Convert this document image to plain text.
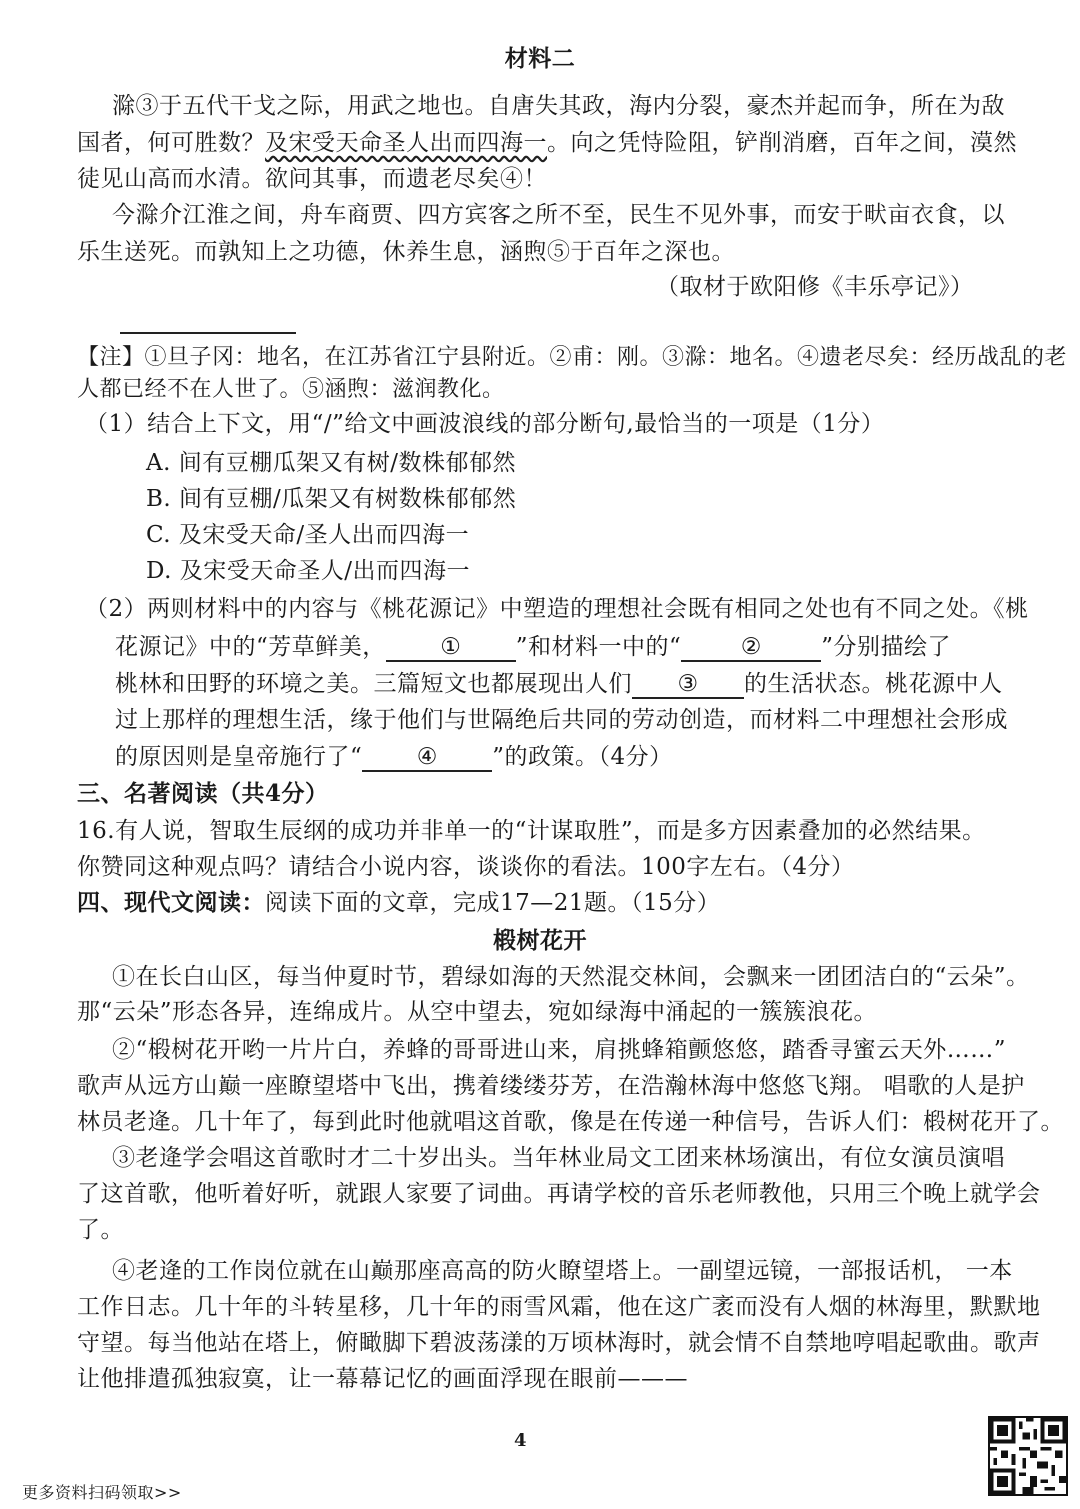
材料二
滁③于五代干戈之际，用武之地也。自唐失其政，海内分裂，豪杰并起而争，所在为敌
国者，何可胜数？及宋受天命圣人出而四海一。向之凭恃险阻，铲削消磨，百年之间，漠然
徒见山高而水清。欲问其事，而遗老尽矣④！
今滁介江淮之间，舟车商贾、四方宾客之所不至，民生不见外事，而安于畎亩衣食，以
乐生送死。而孰知上之功德，休养生息，涵煦⑤于百年之深也。
（取材于欧阳修《丰乐亭记》）
【注】①旦子冈：地名，在江苏省江宁县附近。②甫：刚。③滁：地名。④遗老尽矣：经历战乱的老
人都已经不在人世了。⑤涵煦：滋润教化。
（1）结合上下文，用“/”给文中画波浪线的部分断句,最恰当的一项是（1分）
A. 间有豆棚瓜架又有树/数株郁郁然
B. 间有豆棚/瓜架又有树数株郁郁然
C. 及宋受天命/圣人出而四海一
D. 及宋受天命圣人/出而四海一
（2）两则材料中的内容与《桃花源记》中塑造的理想社会既有相同之处也有不同之处。《桃
花源记》中的“芳草鲜美， ① ”和材料一中的“	②	”分别描绘了
桃林和田野的环境之美。三篇短文也都展现出人们 ③ 的生活状态。桃花源中人
过上那样的理想生活，缘于他们与世隔绝后共同的劳动创造，而材料二中理想社会形成
的原因则是皇帝施行了“ ④ ”的政策。（4分）
三、名著阅读（共4分）
16.有人说，智取生辰纲的成功并非单一的“计谋取胜”，而是多方因素叠加的必然结果。
你赞同这种观点吗？请结合小说内容，谈谈你的看法。100字左右。（4分）
四、现代文阅读：阅读下面的文章，完成17—21题。（15分）
椴树花开
①在长白山区，每当仲夏时节，碧绿如海的天然混交林间，会飘来一团团洁白的“云朵”。
那“云朵”形态各异，连绵成片。从空中望去，宛如绿海中涌起的一簇簇浪花。
②“椴树花开哟一片片白，养蜂的哥哥进山来，肩挑蜂箱颤悠悠，踏香寻蜜云天外……”
歌声从远方山巅一座瞭望塔中飞出，携着缕缕芬芳，在浩瀚林海中悠悠飞翔。 唱歌的人是护
林员老逄。几十年了，每到此时他就唱这首歌，像是在传递一种信号，告诉人们：椴树花开了。
③老逄学会唱这首歌时才二十岁出头。当年林业局文工团来林场演出，有位女演员演唱
了这首歌，他听着好听，就跟人家要了词曲。再请学校的音乐老师教他，只用三个晚上就学会
了。
④老逄的工作岗位就在山巅那座高高的防火瞭望塔上。一副望远镜，一部报话机， 一本
工作日志。几十年的斗转星移，几十年的雨雪风霜，他在这广袤而没有人烟的林海里，默默地
守望。每当他站在塔上，俯瞰脚下碧波荡漾的万顷林海时，就会情不自禁地哼唱起歌曲。歌声
让他排遣孤独寂寞，让一幕幕记忆的画面浮现在眼前———
4
更多资料扫码领取>>
